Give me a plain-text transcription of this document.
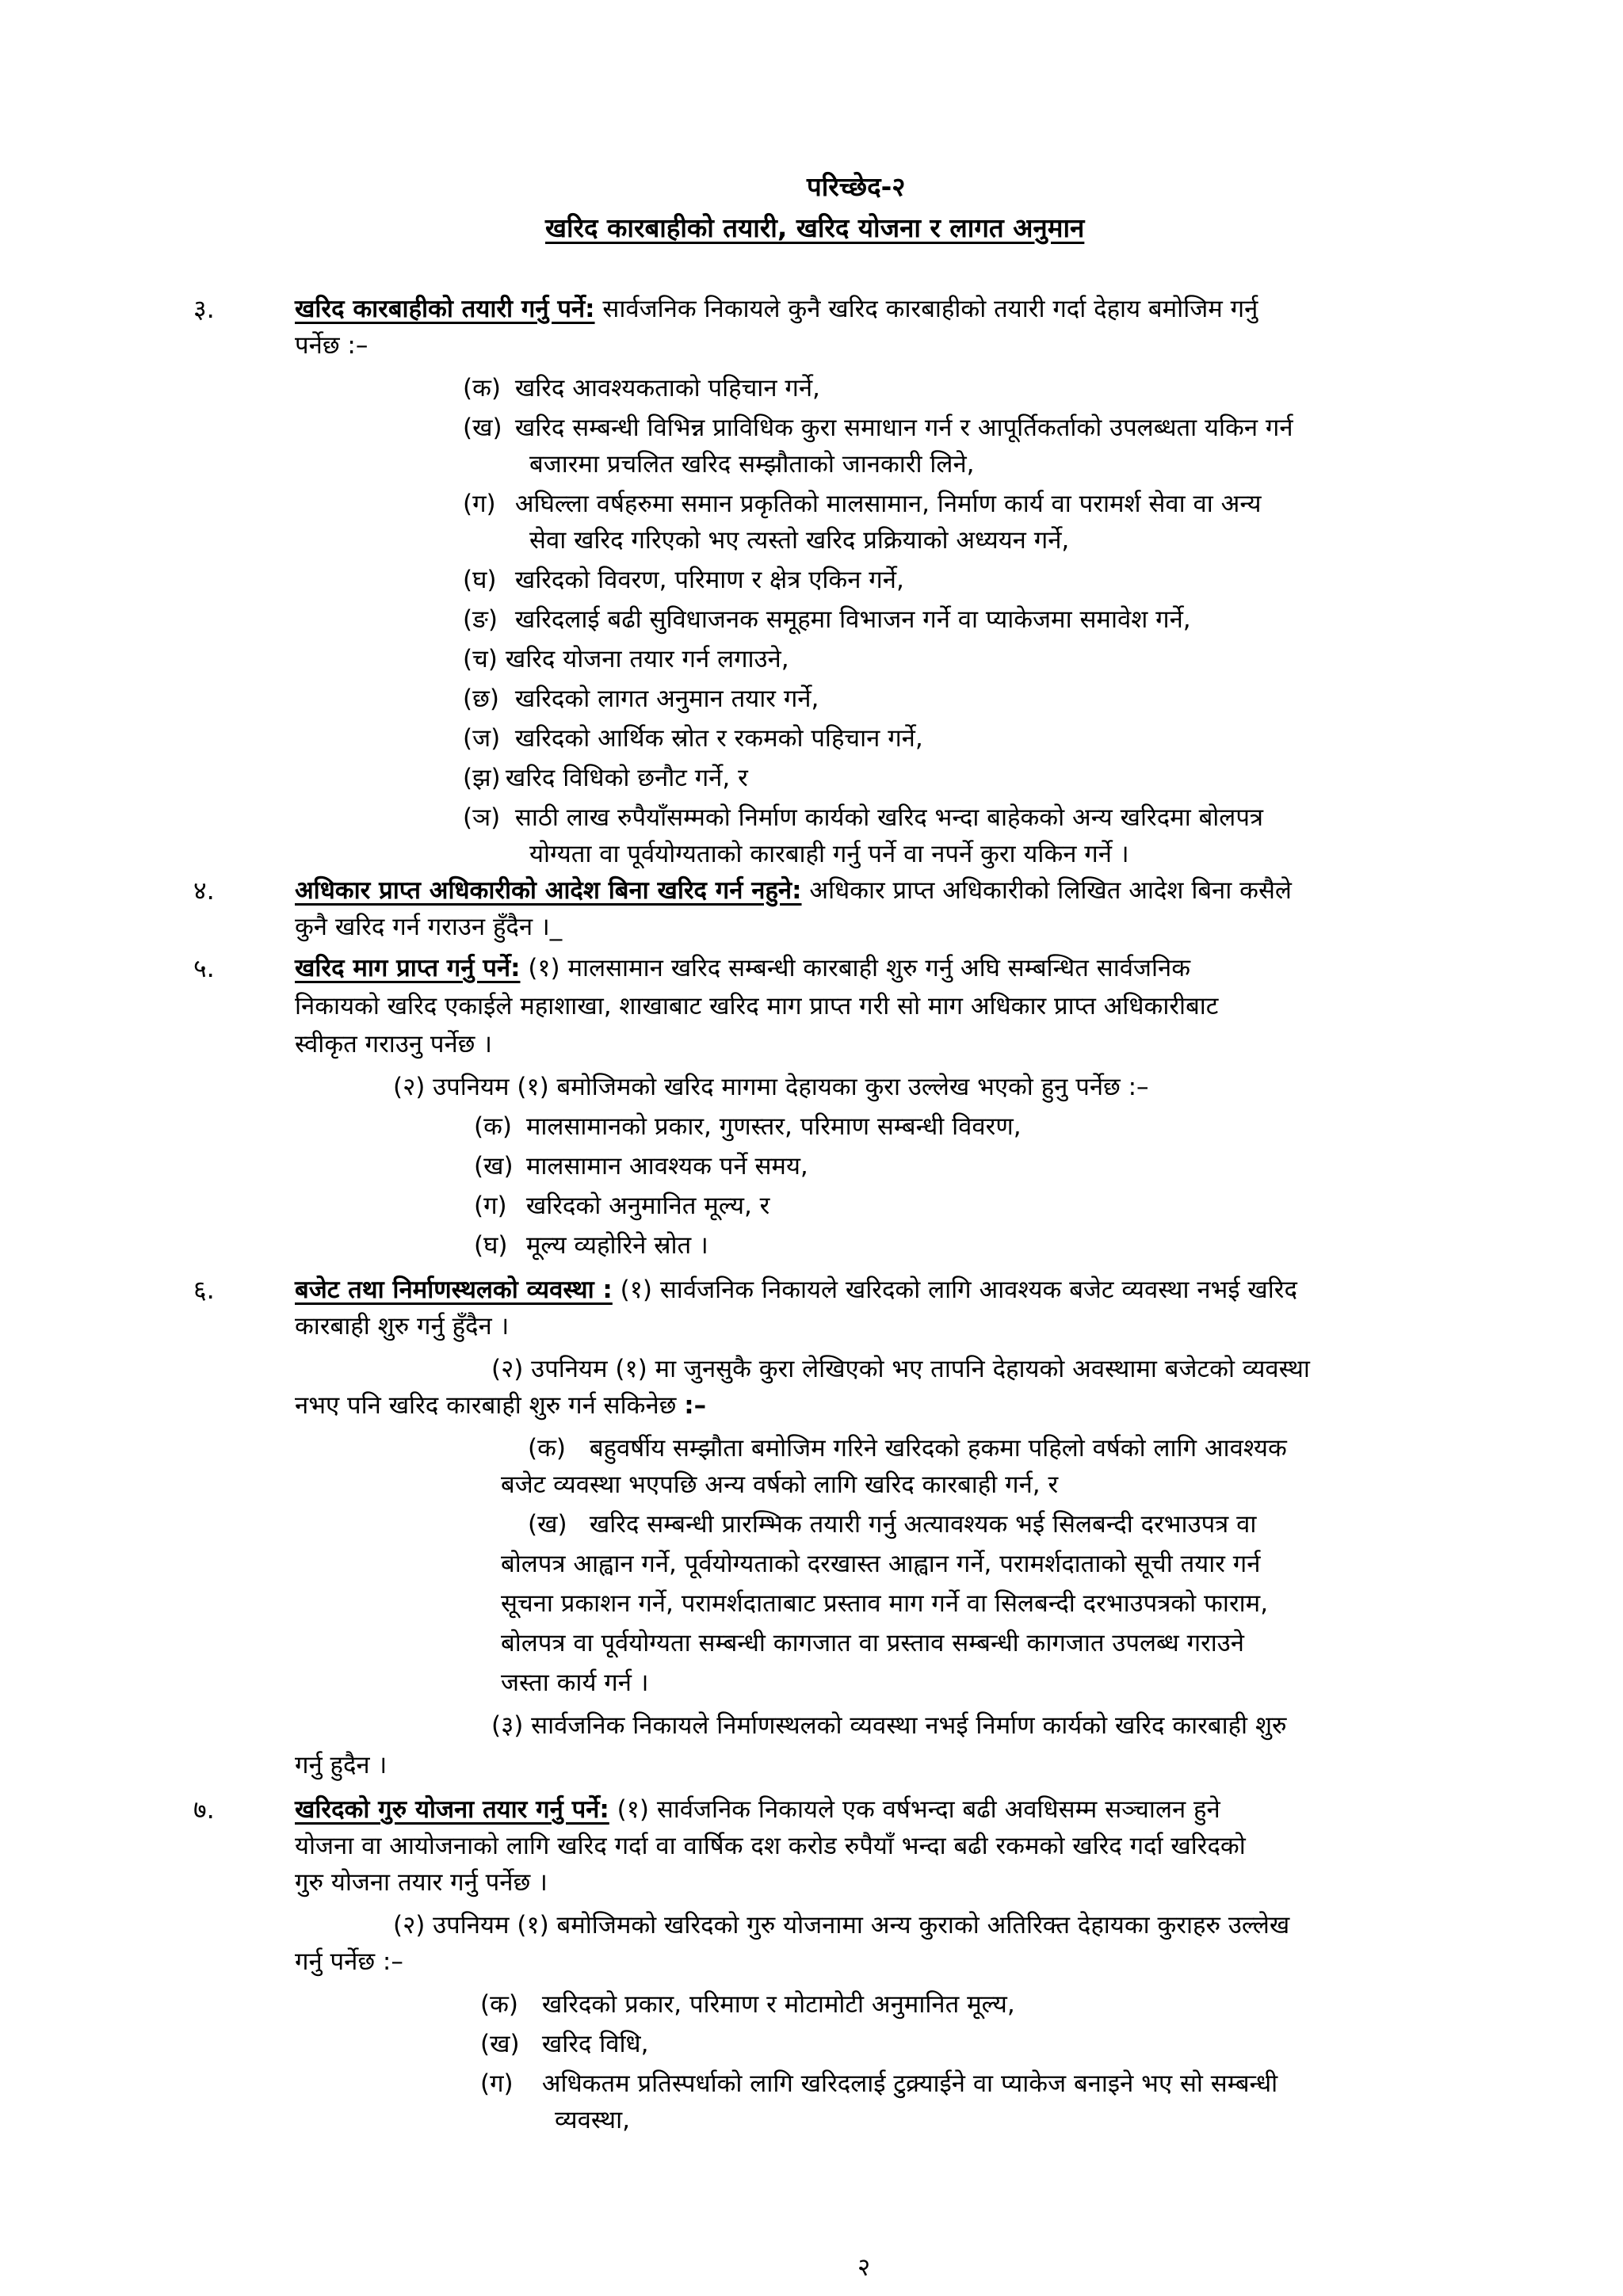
परिच्छेद-२
खरिद कारबाहीको तयारी, खरिद योजना र लागत अनुमान
३.	खरिद कारबाहीको तयारी गर्नु पर्ने: सार्वजनिक निकायले कुनै खरिद कारबाहीको तयारी गर्दा देहाय बमोजिम गर्नु
पर्नेछ :–
(क) खरिद आवश्यकताको पहिचान गर्ने,
(ख) खरिद सम्बन्धी विभिन्न प्राविधिक कुरा समाधान गर्न र आपूर्तिकर्ताको उपलब्धता यकिन गर्न
बजारमा प्रचलित खरिद सम्झौताको जानकारी लिने,
(ग) अघिल्ला वर्षहरुमा समान प्रकृतिको मालसामान, निर्माण कार्य वा परामर्श सेवा वा अन्य
सेवा खरिद गरिएको भए त्यस्तो खरिद प्रक्रियाको अध्ययन गर्ने,
(घ) खरिदको विवरण, परिमाण र क्षेत्र एकिन गर्ने,
(ङ) खरिदलाई बढी सुविधाजनक समूहमा विभाजन गर्ने वा प्याकेजमा समावेश गर्ने,
(च) खरिद योजना तयार गर्न लगाउने,
(छ) खरिदको लागत अनुमान तयार गर्ने,
(ज) खरिदको आर्थिक स्रोत र रकमको पहिचान गर्ने,
(झ) खरिद विधिको छनौट गर्ने, र
(ञ) साठी लाख रुपैयाँसम्मको निर्माण कार्यको खरिद भन्दा बाहेकको अन्य खरिदमा बोलपत्र
योग्यता वा पूर्वयोग्यताको कारबाही गर्नु पर्ने वा नपर्ने कुरा यकिन गर्ने ।
४.	अधिकार प्राप्त अधिकारीको आदेश बिना खरिद गर्न नहुने: अधिकार प्राप्त अधिकारीको लिखित आदेश बिना कसैले
कुनै खरिद गर्न गराउन हुँदैन ।_
५.	खरिद माग प्राप्त गर्नु पर्ने: (१) मालसामान खरिद सम्बन्धी कारबाही शुरु गर्नु अघि सम्बन्धित सार्वजनिक
निकायको खरिद एकाईले महाशाखा, शाखाबाट खरिद माग प्राप्त गरी सो माग अधिकार प्राप्त अधिकारीबाट
स्वीकृत गराउनु पर्नेछ ।
(२) उपनियम (१) बमोजिमको खरिद मागमा देहायका कुरा उल्लेख भएको हुनु पर्नेछ :–
(क) मालसामानको प्रकार, गुणस्तर, परिमाण सम्बन्धी विवरण,
(ख) मालसामान आवश्यक पर्ने समय,
(ग) खरिदको अनुमानित मूल्य, र
(घ) मूल्य व्यहोरिने स्रोत ।
६.	बजेट तथा निर्माणस्थलको व्यवस्था : (१) सार्वजनिक निकायले खरिदको लागि आवश्यक बजेट व्यवस्था नभई खरिद
कारबाही शुरु गर्नु हुँदैन ।
(२) उपनियम (१) मा जुनसुकै कुरा लेखिएको भए तापनि देहायको अवस्थामा बजेटको व्यवस्था
नभए पनि खरिद कारबाही शुरु गर्न सकिनेछ :–
(क) बहुवर्षीय सम्झौता बमोजिम गरिने खरिदको हकमा पहिलो वर्षको लागि आवश्यक
बजेट व्यवस्था भएपछि अन्य वर्षको लागि खरिद कारबाही गर्न, र
(ख) खरिद सम्बन्धी प्रारम्भिक तयारी गर्नु अत्यावश्यक भई सिलबन्दी दरभाउपत्र वा
बोलपत्र आह्वान गर्ने, पूर्वयोग्यताको दरखास्त आह्वान गर्ने, परामर्शदाताको सूची तयार गर्न
सूचना प्रकाशन गर्ने, परामर्शदाताबाट प्रस्ताव माग गर्ने वा सिलबन्दी दरभाउपत्रको फाराम,
बोलपत्र वा पूर्वयोग्यता सम्बन्धी कागजात वा प्रस्ताव सम्बन्धी कागजात उपलब्ध गराउने
जस्ता कार्य गर्न ।
(३) सार्वजनिक निकायले निर्माणस्थलको व्यवस्था नभई निर्माण कार्यको खरिद कारबाही शुरु
गर्नु हुदैन ।
७.	खरिदको गुरु योजना तयार गर्नु पर्ने: (१) सार्वजनिक निकायले एक वर्षभन्दा बढी अवधिसम्म सञ्चालन हुने
योजना वा आयोजनाको लागि खरिद गर्दा वा वार्षिक दश करोड रुपैयाँ भन्दा बढी रकमको खरिद गर्दा खरिदको
गुरु योजना तयार गर्नु पर्नेछ ।
(२) उपनियम (१) बमोजिमको खरिदको गुरु योजनामा अन्य कुराको अतिरिक्त देहायका कुराहरु उल्लेख
गर्नु पर्नेछ :–
(क) खरिदको प्रकार, परिमाण र मोटामोटी अनुमानित मूल्य,
(ख) खरिद विधि,
(ग) अधिकतम प्रतिस्पर्धाको लागि खरिदलाई टुक्र्याईने वा प्याकेज बनाइने भए सो सम्बन्धी
व्यवस्था,
२
